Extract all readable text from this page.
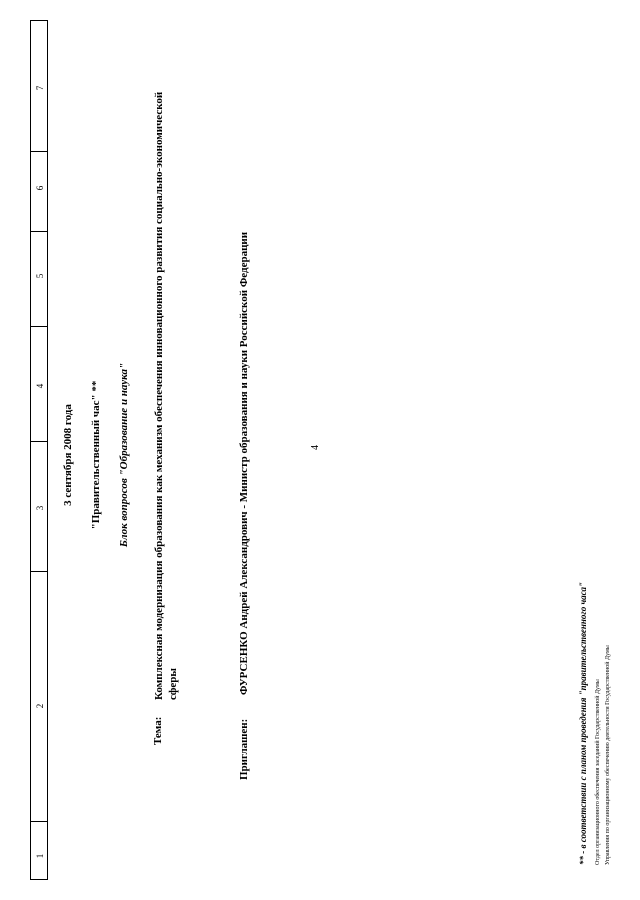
4
1
2
3
4
5
6
7
3 сентября 2008 года "Правительственный час" ** Блок вопросов "Образование и наука"
Тема:
Комплексная модернизация образования как механизм обеспечения инновационного развития социально-экономической сферы
Приглашен:
ФУРСЕНКО Андрей Александрович - Министр образования и науки Российской Федерации
** - в соответствии с планом проведения "правительственного часа" Отдел организационного обеспечения заседаний Государственной Думы Управления по организационному обеспечению деятельности Государственной Думы
